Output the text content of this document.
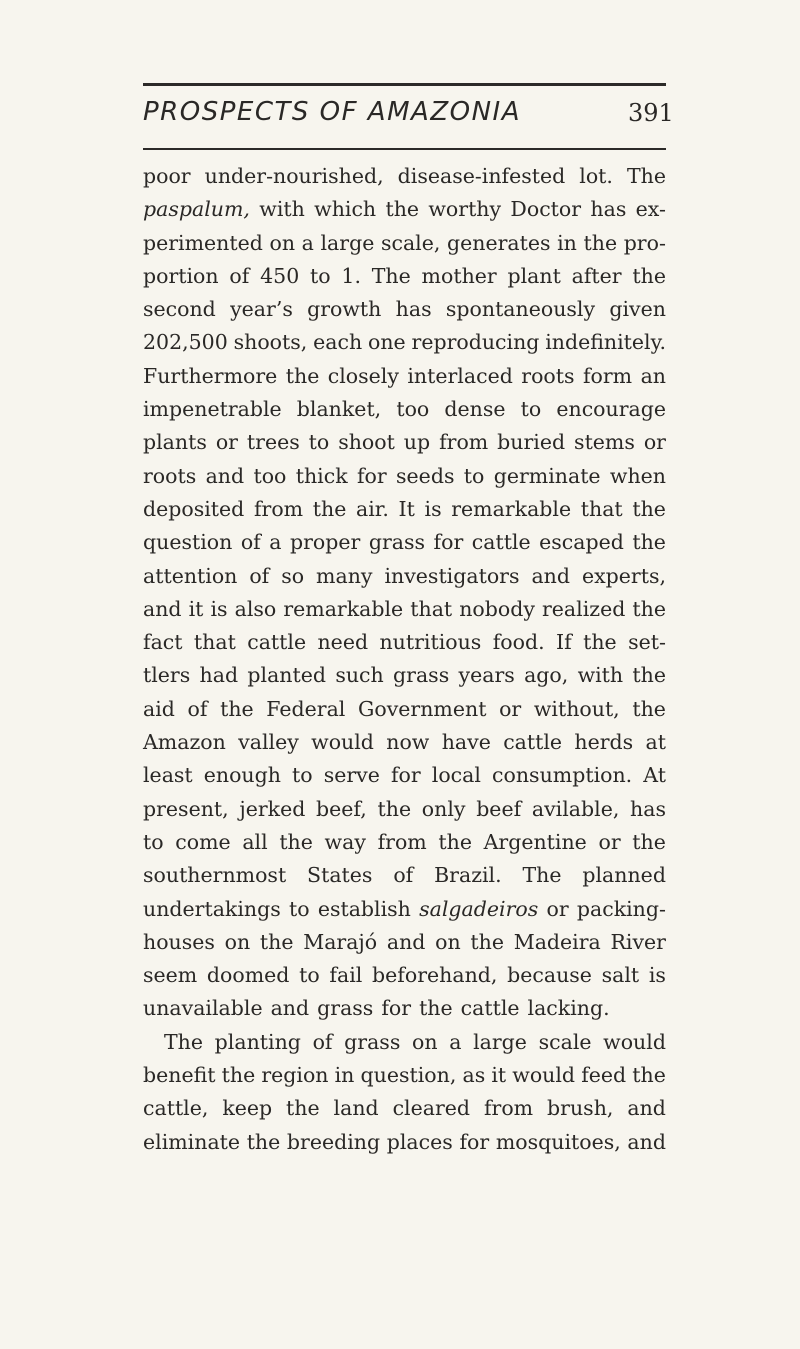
PROSPECTS OF AMAZONIA	391
poor under-nourished, disease-infested lot. The
paspalum, with which the worthy Doctor has ex-
perimented on a large scale, generates in the pro-
portion of 450 to 1. The mother plant after the
second year’s growth has spontaneously given
202,500 shoots, each one reproducing indefinitely.
Furthermore the closely interlaced roots form an
impenetrable blanket, too dense to encourage
plants or trees to shoot up from buried stems or
roots and too thick for seeds to germinate when
deposited from the air. It is remarkable that the
question of a proper grass for cattle escaped the
attention of so many investigators and experts,
and it is also remarkable that nobody realized the
fact that cattle need nutritious food. If the set-
tlers had planted such grass years ago, with the
aid of the Federal Government or without, the
Amazon valley would now have cattle herds at
least enough to serve for local consumption. At
present, jerked beef, the only beef avilable, has
to come all the way from the Argentine or the
southernmost States of Brazil. The planned
undertakings to establish salgadeiros or packing-
houses on the Marajó and on the Madeira River
seem doomed to fail beforehand, because salt is
unavailable and grass for the cattle lacking.
The planting of grass on a large scale would
benefit the region in question, as it would feed the
cattle, keep the land cleared from brush, and
eliminate the breeding places for mosquitoes, and
